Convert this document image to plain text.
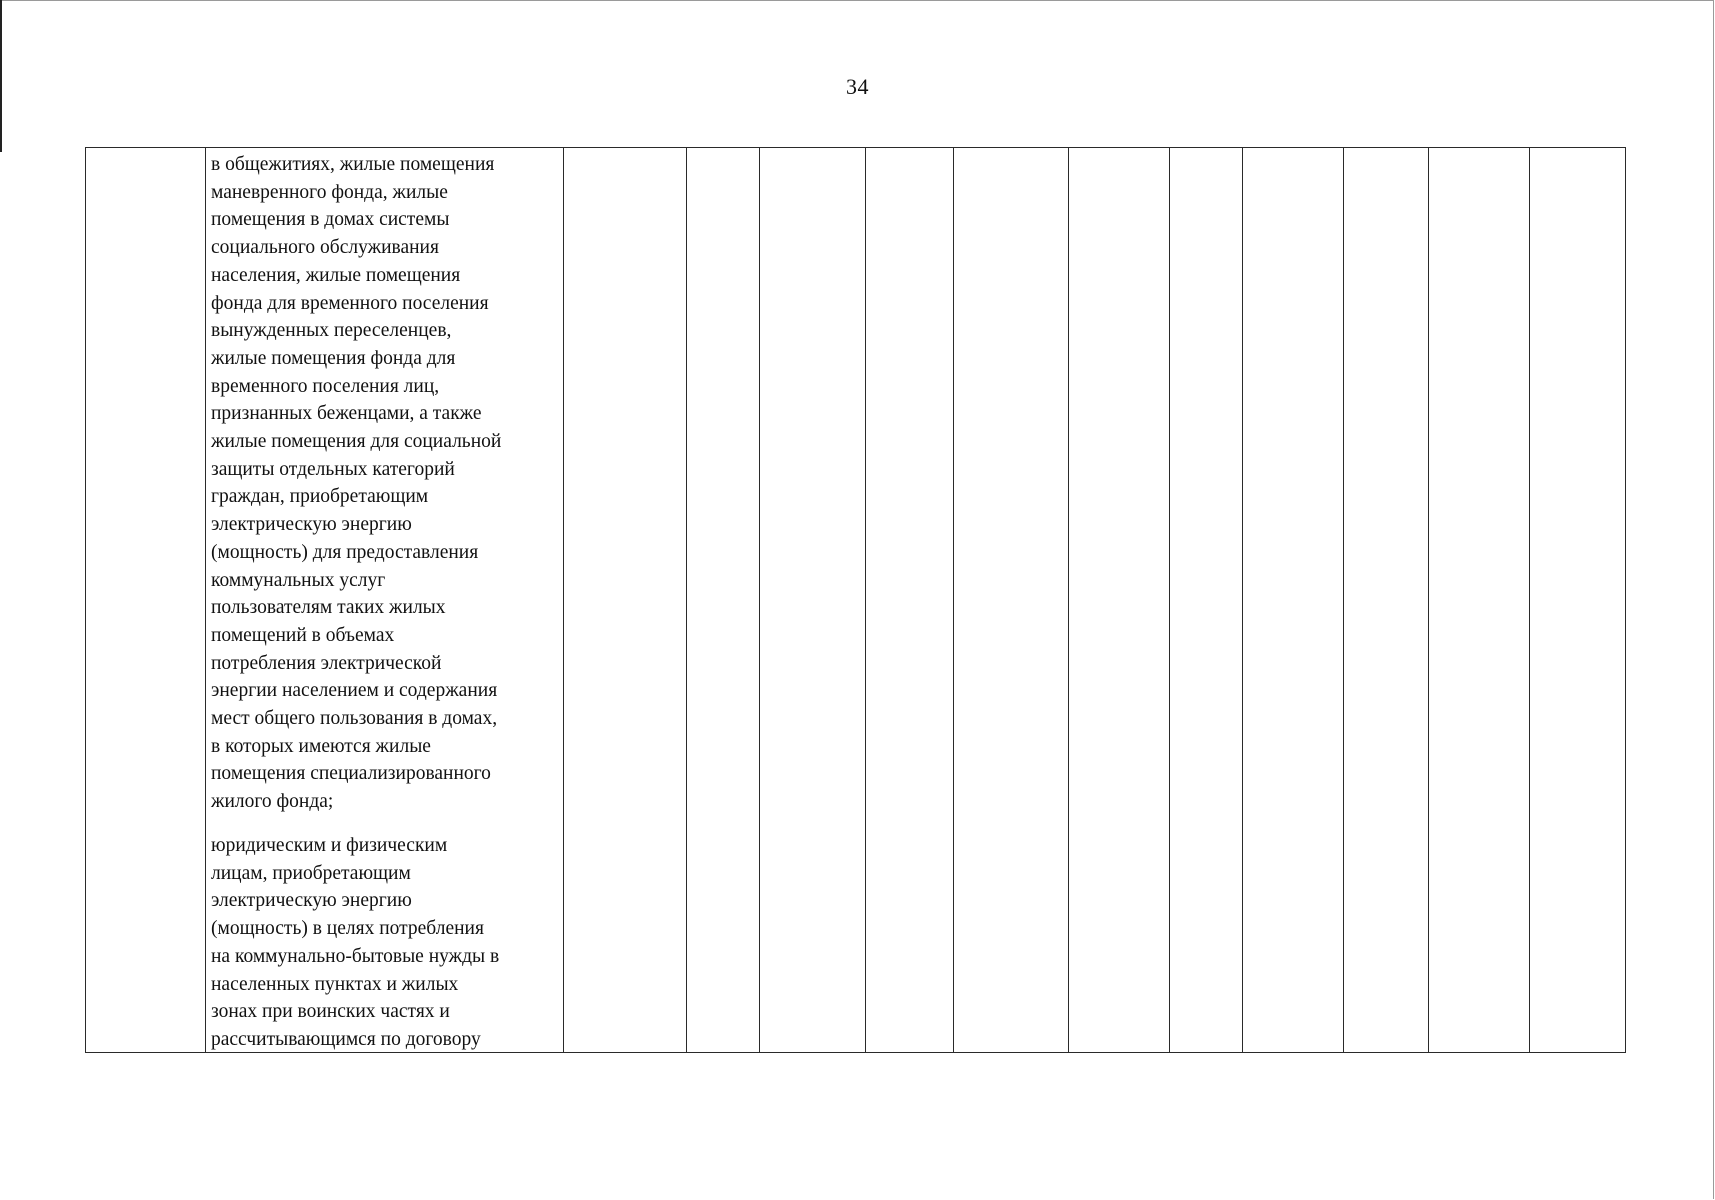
34
в общежитиях, жилые помещения
маневренного фонда, жилые
помещения в домах системы
социального обслуживания
населения, жилые помещения
фонда для временного поселения
вынужденных переселенцев,
жилые помещения фонда для
временного поселения лиц,
признанных беженцами, а также
жилые помещения для социальной
защиты отдельных категорий
граждан, приобретающим
электрическую энергию
(мощность) для предоставления
коммунальных услуг
пользователям таких жилых
помещений в объемах
потребления электрической
энергии населением и содержания
мест общего пользования в домах,
в которых имеются жилые
помещения специализированного
жилого фонда;
юридическим и физическим
лицам, приобретающим
электрическую энергию
(мощность) в целях потребления
на коммунально-бытовые нужды в
населенных пунктах и жилых
зонах при воинских частях и
рассчитывающимся по договору
